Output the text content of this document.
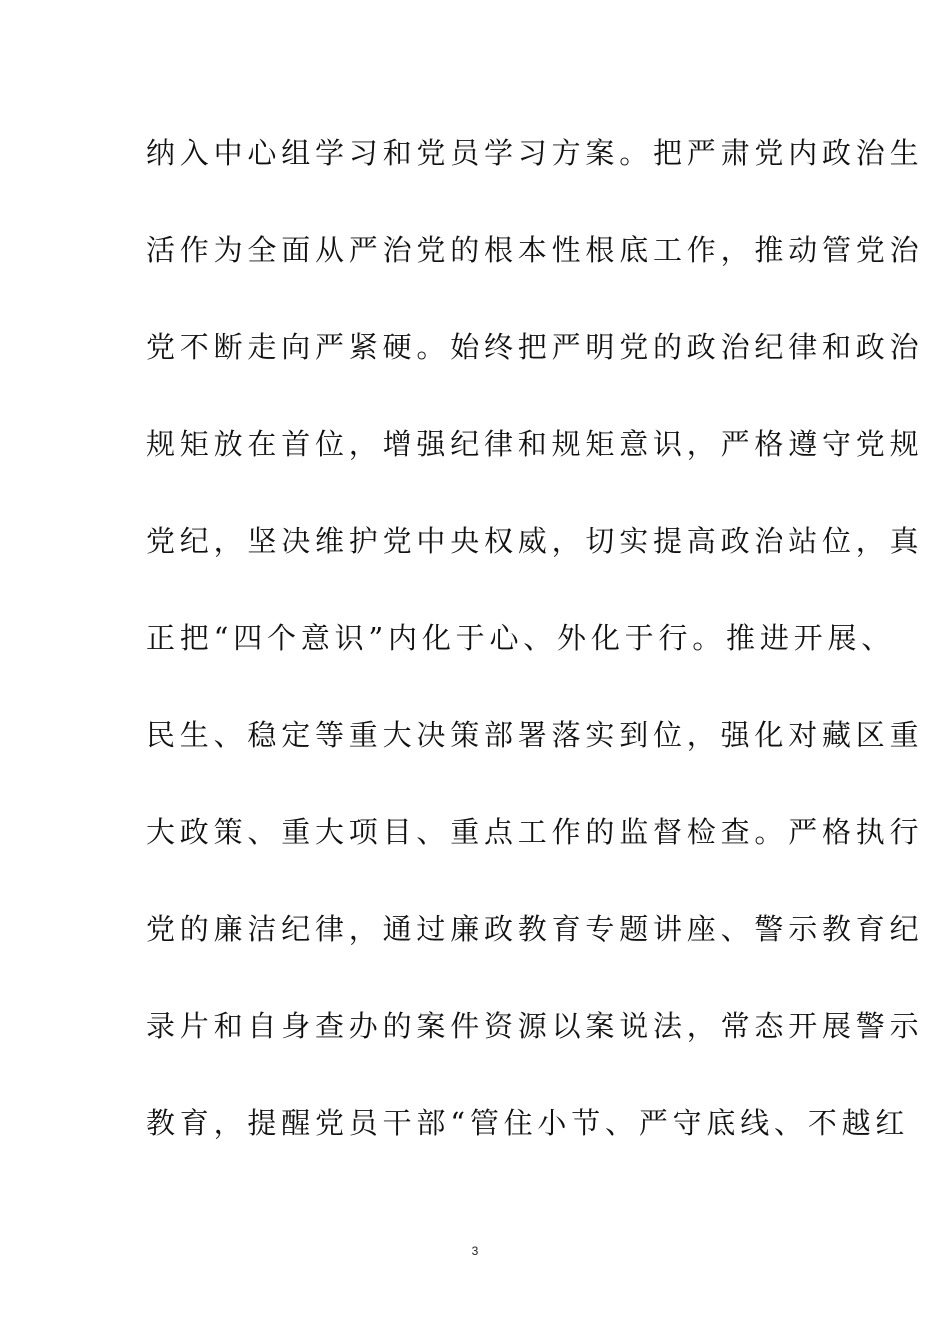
纳入中心组学习和党员学习方案。把严肃党内政治生
活作为全面从严治党的根本性根底工作，推动管党治
党不断走向严紧硬。始终把严明党的政治纪律和政治
规矩放在首位，增强纪律和规矩意识，严格遵守党规
党纪，坚决维护党中央权威，切实提高政治站位，真
正把“四个意识”内化于心、外化于行。推进开展、
民生、稳定等重大决策部署落实到位，强化对藏区重
大政策、重大项目、重点工作的监督检查。严格执行
党的廉洁纪律，通过廉政教育专题讲座、警示教育纪
录片和自身查办的案件资源以案说法，常态开展警示
教育，提醒党员干部“管住小节、严守底线、不越红
3
